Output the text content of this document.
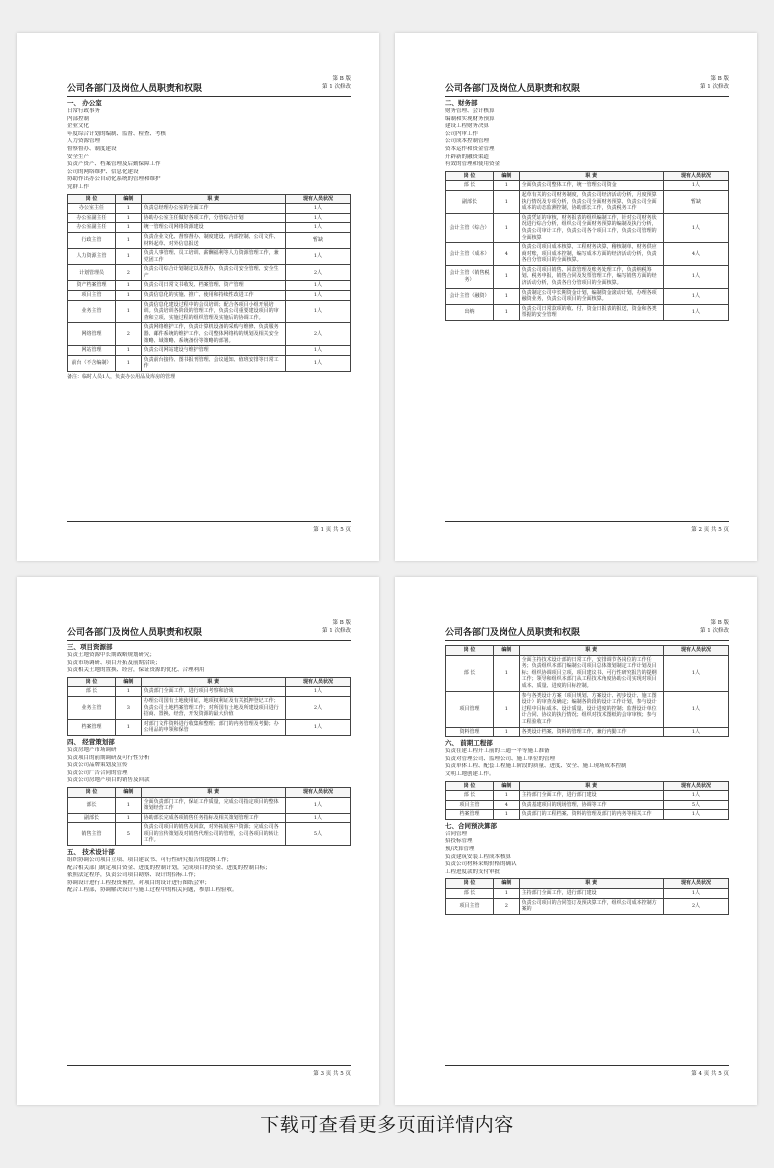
公司各部门及岗位人员职责和权限
第 B 版
第 1 次修改
一、 办公室
日常行政事务
内部控制
企业文化
年度综合计划的编制、监督、检查、考核
人力资源管理
督察督办、制度建设
安全生产
负责产资产、档案管理及后勤保障工作
公司的网络维护、信息化建设
协助作出办公自动化系统的管理和维护
党群工作
岗 位	编制	职 责	现有人员状况
办公室主任	1	负责总经理办公室的全面工作	1人
办公室副主任	1	协助办公室主任做好各项工作，分管综合计划	1人
办公室副主任	1	统一管理公司网络资源建设	1人
行政主管	1	负责企业文化、督察督办、制度建设、内部控制、公司文件、材料起草、对外信息报送	暂缺
人力资源主管	1	负责人事管理、员工培训、薪酬福利等人力资源管理工作，兼党团工作	1人
计划管理员	2	负责公司综合计划制定以及督办，负责公司安全管理、安全生产	2人
资产档案管理	1	负责公司日常文书收发、档案管理、资产管理	1人
项目主管	1	负责信息化的实施、推广、使用和持续性改进工作	1人
业务主管	1	负责信息化建设过程中的会员培训；配合各项目小组开展培训。负责培训各阶段的管理工作，负责公司重要建设项目的审查和立项、实施过程的组织管理及实施后的协调工作。	1人
网络管理	2	负责网络维护工作，负责计算机设备的采购与维修、负责服务器、邮件系统的维护工作、公司整体网络构的规划及相关安全策略、域策略、系统备份等策略的部署。	2人
网站管理	1	负责公司网站建设与维护管理	1人
前台（不含编制）	1	负责前台接待、图书报刊管理、会议通知、值班安排等日常工作	1人
备注：临时人员1人，负责办公用品及库房的管理
第 1 页 共 5 页
公司各部门及岗位人员职责和权限
第 B 版
第 1 次修改
二、财务部
财务管理、会计核算
编制和实现财务预算
建设工程财务决算
公司内审工作
公司成本控制管理
资本运作和资金管理
开辟新的融资渠道
有效的管理和使用资金
岗 位	编制	职 责	现有人员状况
部 长	1	全面负责公司整体工作，统一管理公司资金	1人
副部长	1	起草有关的公司财务制度，负责公司经济活动分析，月度预算执行情况及专项分析，负责公司全面财务预算，负责公司全面成本的动态监测控制，协助部长工作，负责税务工作	暂缺
会计主管（综合）	1	负责凭证的审核，财务报表的组织编制工作，针对公司财务状况进行综合分析，组织公司全面财务预算的编制及执行分析，负责公司审计工作，负责公司各个项目工作，负责公司管理的全面核算	1人
会计主管（成本）	4	负责公司项目成本核算，工程财务决算，稽核制单，财务供应商对账，项目成本控制，编写成本方面的经济活动分析，负责各自分管项目的全面核算。	4人
会计主管（销售税务）	1	负责公司项目销售、回款管理及账务处理工作，负责纳税筹划、税务申报，销售合同及发票管理工作，编写销售方面的经济活动分析，负责各自分管项目的全面核算。	1人
会计主管（融资）	1	负责制定公司中长期资金计划，编制资金滚动计划，办理各项融资业务，负责公司项目的全面核算。	1人
出纳	1	负责公司日常款项的收、付，资金日报表的报送，资金和各类票据的安全管理	1人
第 2 页 共 5 页
公司各部门及岗位人员职责和权限
第 B 版
第 1 次修改
三、项目资源部
负责土地资源中长期战略规划研究；
负责市场调研、项目开拓及前期洽谈；
负责相关土地的置换、经营，保证资源的优化、合理利用
岗 位	编制	职 责	现有人员状况
部 长	1	负责部门全面工作，进行项目考察和洽谈	1人
业务主管	3	办理公司国有土地使用证，地项权利证及有关抵押登记工作；负责公司土地档案管理工作；对所国有土地及所建设项目进行招商、置换、经营，开发资源的最大价值	2人
档案管理	1	对部门文件资料进行收集和整理；部门的内务管理及考勤；办公用品的申领和保管	1人
四、 经营策划部
负责房地产市场调研
负责项目的前期调研及可行性分析
负责公司品牌策划及宣传
负责公司广告合同的管理
负责公司房地产项目的销售及回款
岗 位	编制	职 责	现有人员状况
部长	1	全面负责部门工作，保证工作质量，完成公司指定项目的整体策划经营工作	1人
副部长	1	协助部长完成各项销售任务指标及相关策划管理工作	1人
销售主管	5	负责公司项目的销售及回款，对外拓展客户资源；完成公司各项目的宣传策划及对销售代理公司的管理，公司各项目的转让工作。	5人
五、 技术设计部
组织协调公司项目立项、项目建议书、可行性研究报告的提纲工作；
配合相关部门制定项目资金、进度的控制计划，完成项目的资金、进度的控制目标；
依照法定程序，负责公司项目勘察、设计的招标工作；
协调设计进行工程投资预控，对项目的设计进行图纸会审；
配合工程部，协调解决设计与施工过程中的相关问题，参加工程验收。
第 3 页 共 5 页
公司各部门及岗位人员职责和权限
第 B 版
第 1 次修改
岗 位	编制	职 责	现有人员状况
部 长	1	全面主持技术设计部的日常工作，安排调节各岗位的工作任务；负责组织本部门编制公司项目总体策划制定工作计划及目标；组织协调项目立项、项目建议书、可行性研究报告的提纲工作；领导和组织本部门从工程技术角度协助公司实现对项目成本、质量、进度的目标控制。	1人
项目管理	1	参与各类设计方案（项目规划、方案设计、初步设计、施工图设计）的审查及确定；编制各阶段的设计工作计划，参与设计过程中目标成本、设计质量、设计进度的控制；监督设计单位计合同、协议的执行情况；组织对技术图纸的会审审核；参与工程验收工作	1人
资料管理	1	各类设计档案、资料的管理工作，兼行内勤工作	1人
六、 前期工程部
负责在建工程开工前的三通一平等施工准备
负责对管理公司、监理公司、施工单位的管理
负责单体工程、配套工程施工阶段的质量、进度、安全、施工现场成本控制
文明工地创建工作。
岗 位	编制	职 责	现有人员状况
部 长	1	主持部门全面工作，进行部门建设	1人
项目主管	4	负责基建项目的现场管理，协调等工作	5人
档案管理	1	负责部门的工程档案、资料的管理及部门的内务等相关工作	1人
七、合同预决算部
合同管理
招投标管理
预/决算管理
负责建筑安装工程成本核算
负责公司材料采购价格的确认
工程进度款的支付审批
岗 位	编制	职 责	现有人员状况
部 长	1	主持部门全面工作，进行部门建设	1人
项目主管	2	负责公司项目的合同签订及预决算工作，组织公司成本控制方案的	2人
第 4 页 共 5 页
下载可查看更多页面详情内容
